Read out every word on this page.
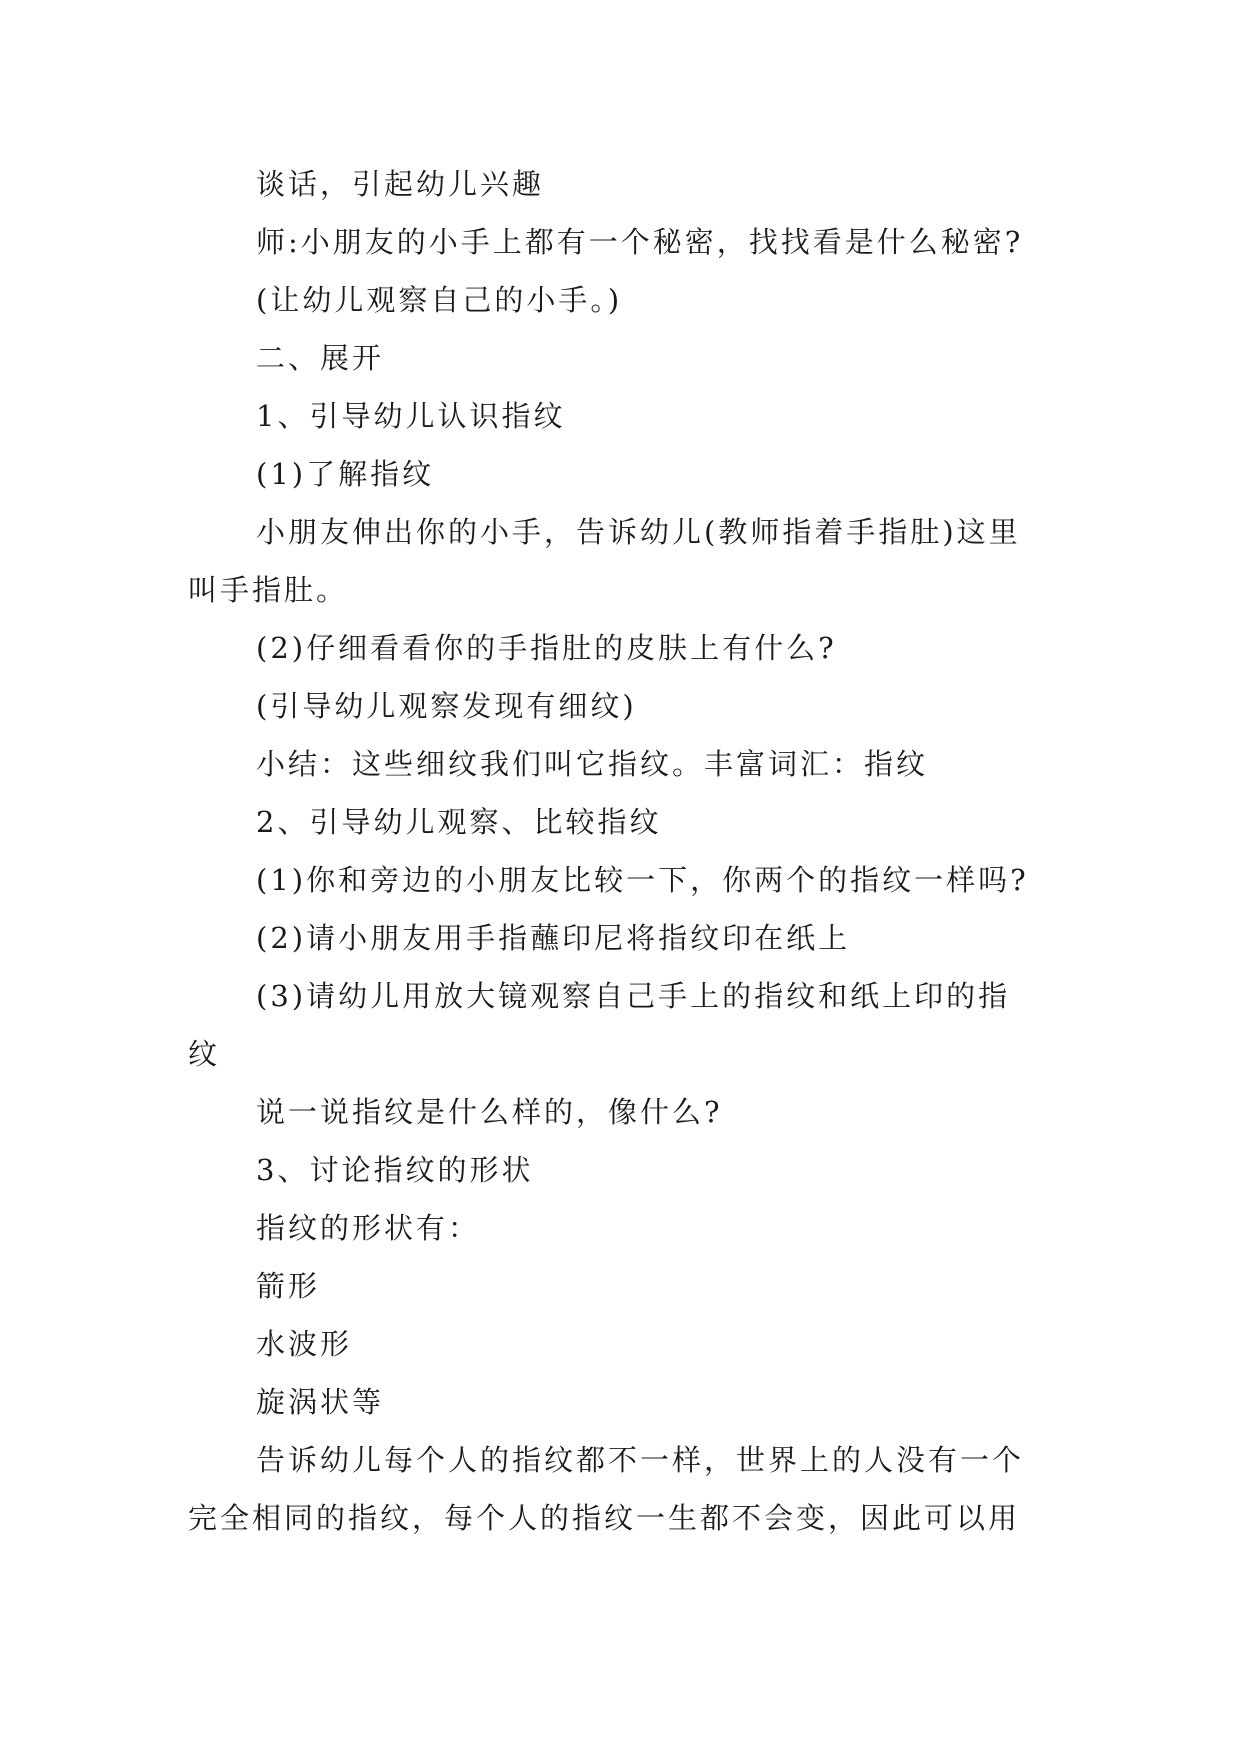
谈话，引起幼儿兴趣
师:小朋友的小手上都有一个秘密，找找看是什么秘密?
(让幼儿观察自己的小手。)
二、展开
1、引导幼儿认识指纹
(1)了解指纹
小朋友伸出你的小手，告诉幼儿(教师指着手指肚)这里
叫手指肚。
(2)仔细看看你的手指肚的皮肤上有什么?
(引导幼儿观察发现有细纹)
小结：这些细纹我们叫它指纹。丰富词汇：指纹
2、引导幼儿观察、比较指纹
(1)你和旁边的小朋友比较一下，你两个的指纹一样吗?
(2)请小朋友用手指蘸印尼将指纹印在纸上
(3)请幼儿用放大镜观察自己手上的指纹和纸上印的指
纹
说一说指纹是什么样的，像什么?
3、讨论指纹的形状
指纹的形状有：
箭形
水波形
旋涡状等
告诉幼儿每个人的指纹都不一样，世界上的人没有一个
完全相同的指纹，每个人的指纹一生都不会变，因此可以用
